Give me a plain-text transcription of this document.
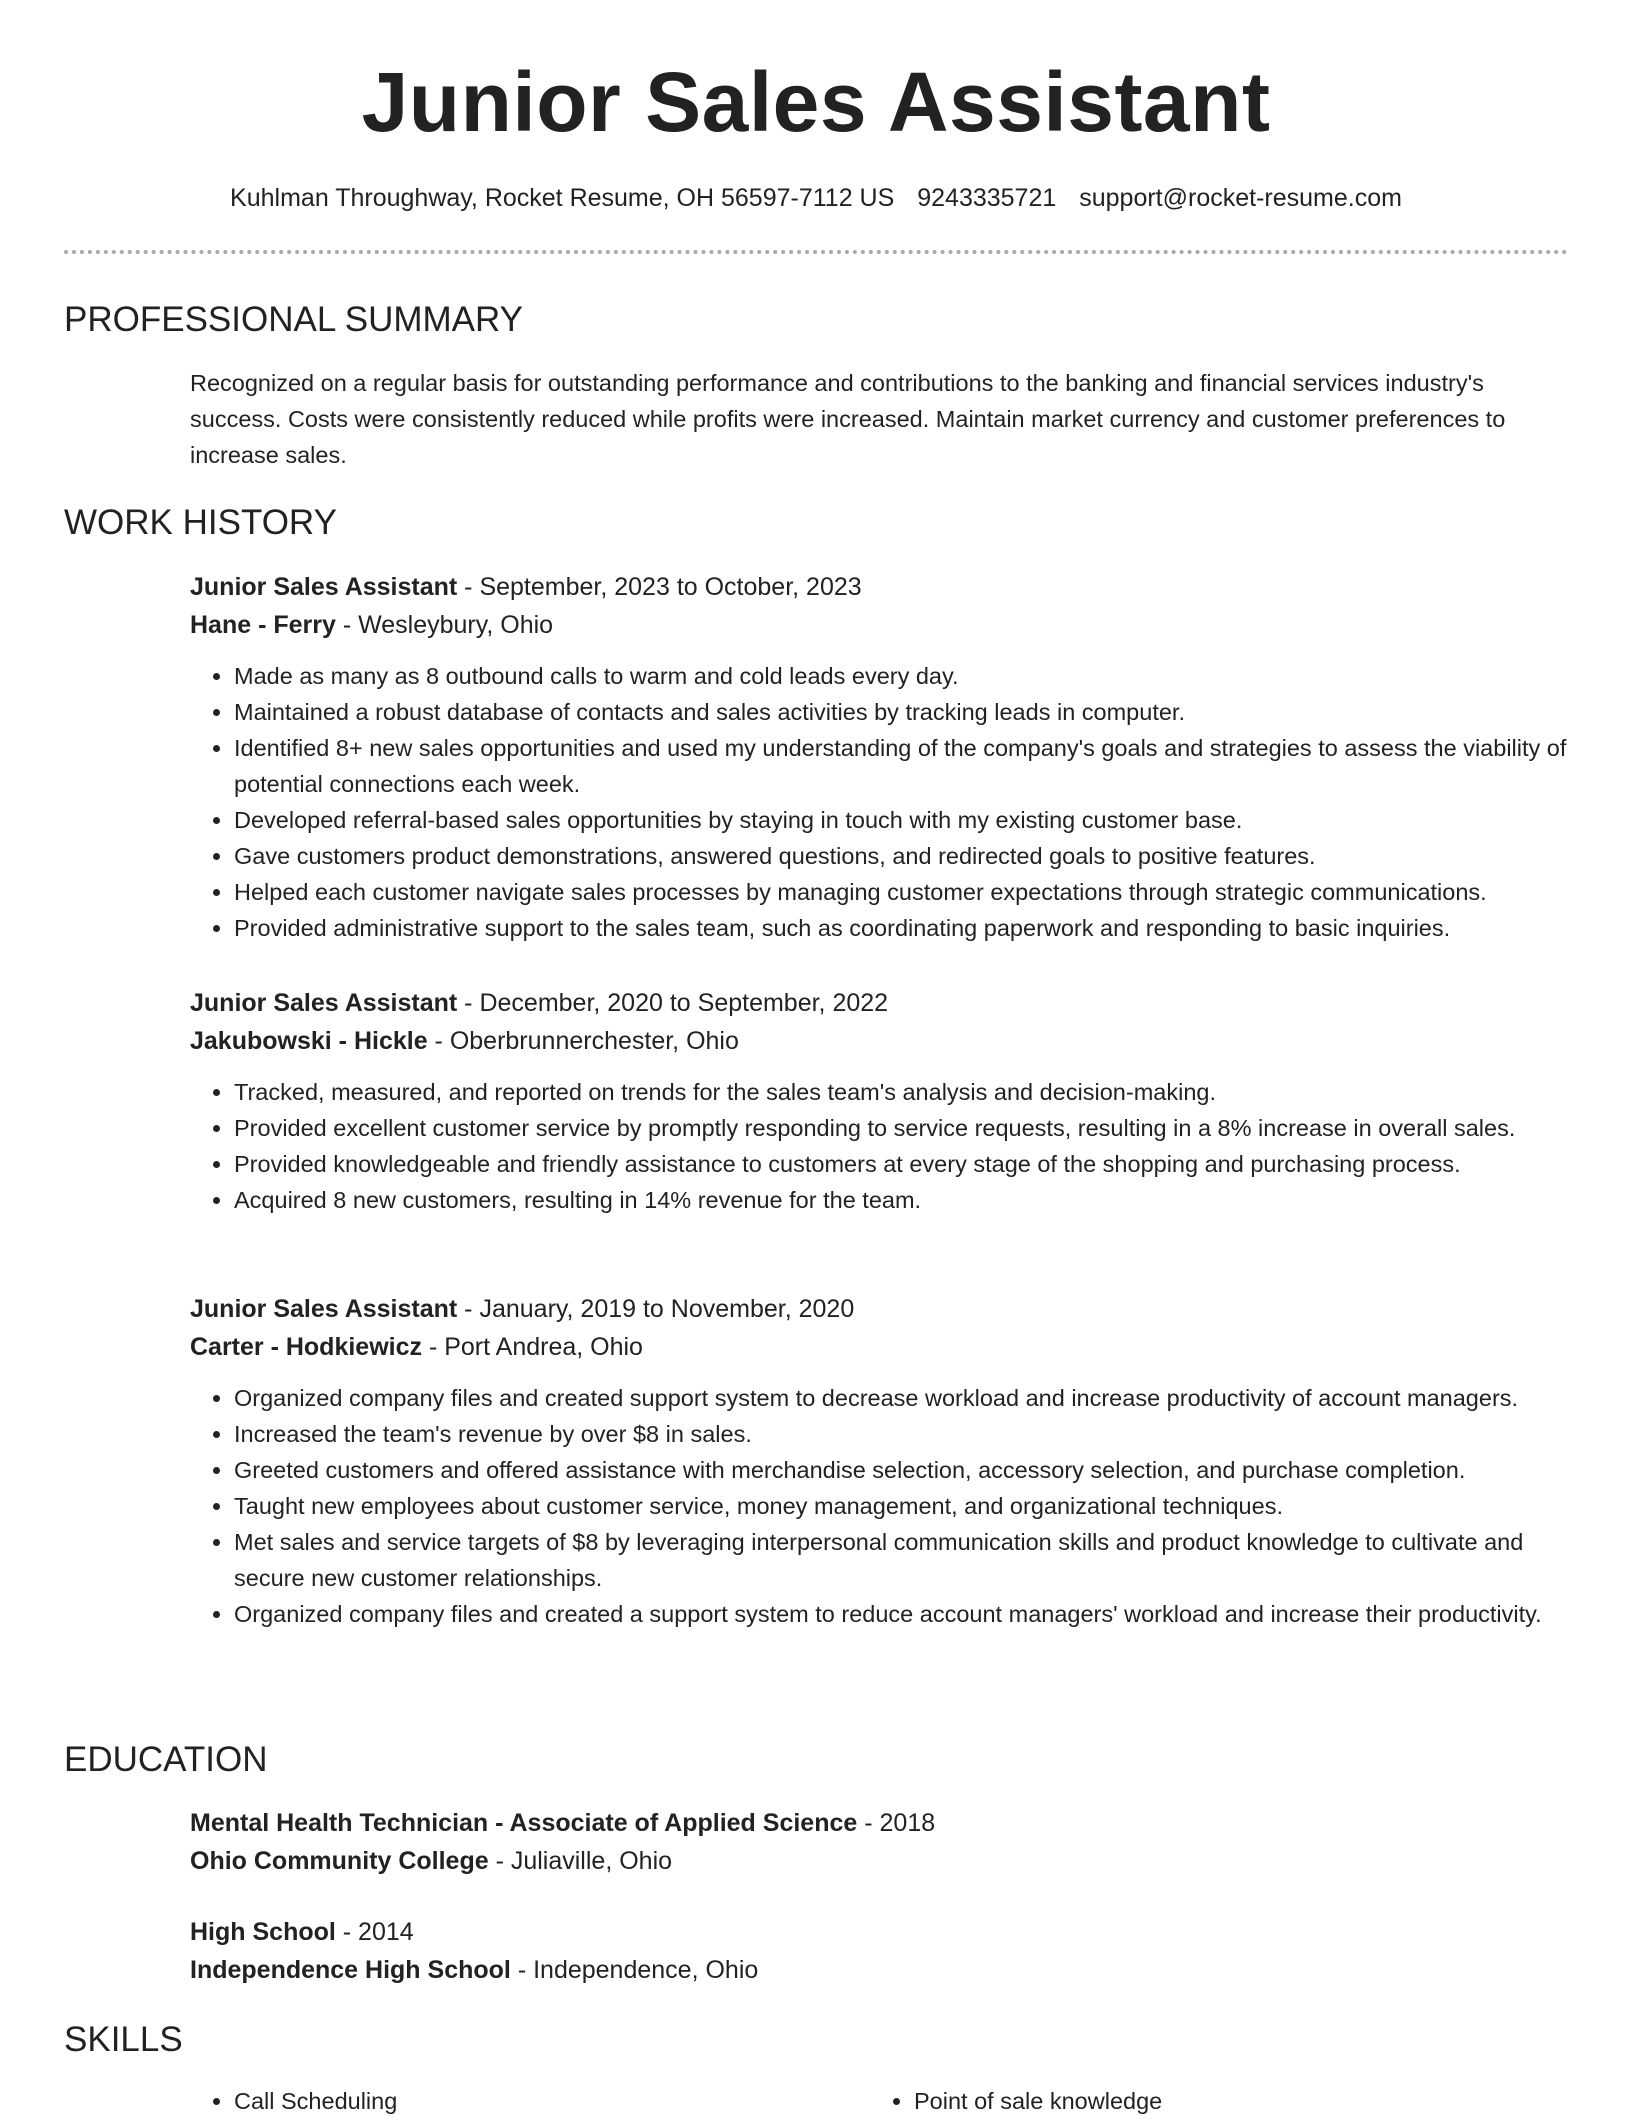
Junior Sales Assistant
Kuhlman Throughway, Rocket Resume, OH 56597-7112 US 9243335721 support@rocket-resume.com
PROFESSIONAL SUMMARY

Recognized on a regular basis for outstanding performance and contributions to the banking and financial services industry's success. Costs were consistently reduced while profits were increased. Maintain market currency and customer preferences to increase sales.

WORK HISTORY
Junior Sales Assistant - September, 2023 to October, 2023
Hane - Ferry - Wesleybury, Ohio
• Made as many as 8 outbound calls to warm and cold leads every day.
• Maintained a robust database of contacts and sales activities by tracking leads in computer.
• Identified 8+ new sales opportunities and used my understanding of the company's goals and strategies to assess the viability of potential connections each week.
• Developed referral-based sales opportunities by staying in touch with my existing customer base.
• Gave customers product demonstrations, answered questions, and redirected goals to positive features.
• Helped each customer navigate sales processes by managing customer expectations through strategic communications.
• Provided administrative support to the sales team, such as coordinating paperwork and responding to basic inquiries.
Junior Sales Assistant - December, 2020 to September, 2022
Jakubowski - Hickle - Oberbrunnerchester, Ohio
• Tracked, measured, and reported on trends for the sales team's analysis and decision-making.
• Provided excellent customer service by promptly responding to service requests, resulting in a 8% increase in overall sales.
• Provided knowledgeable and friendly assistance to customers at every stage of the shopping and purchasing process.
• Acquired 8 new customers, resulting in 14% revenue for the team.
Junior Sales Assistant - January, 2019 to November, 2020
Carter - Hodkiewicz - Port Andrea, Ohio
• Organized company files and created support system to decrease workload and increase productivity of account managers.
• Increased the team's revenue by over $8 in sales.
• Greeted customers and offered assistance with merchandise selection, accessory selection, and purchase completion.
• Taught new employees about customer service, money management, and organizational techniques.
• Met sales and service targets of $8 by leveraging interpersonal communication skills and product knowledge to cultivate and secure new customer relationships.
• Organized company files and created a support system to reduce account managers' workload and increase their productivity.
EDUCATION
Mental Health Technician - Associate of Applied Science - 2018
Ohio Community College - Juliaville, Ohio
High School - 2014
Independence High School - Independence, Ohio
SKILLS
• Call Scheduling
•	Point of sale knowledge
